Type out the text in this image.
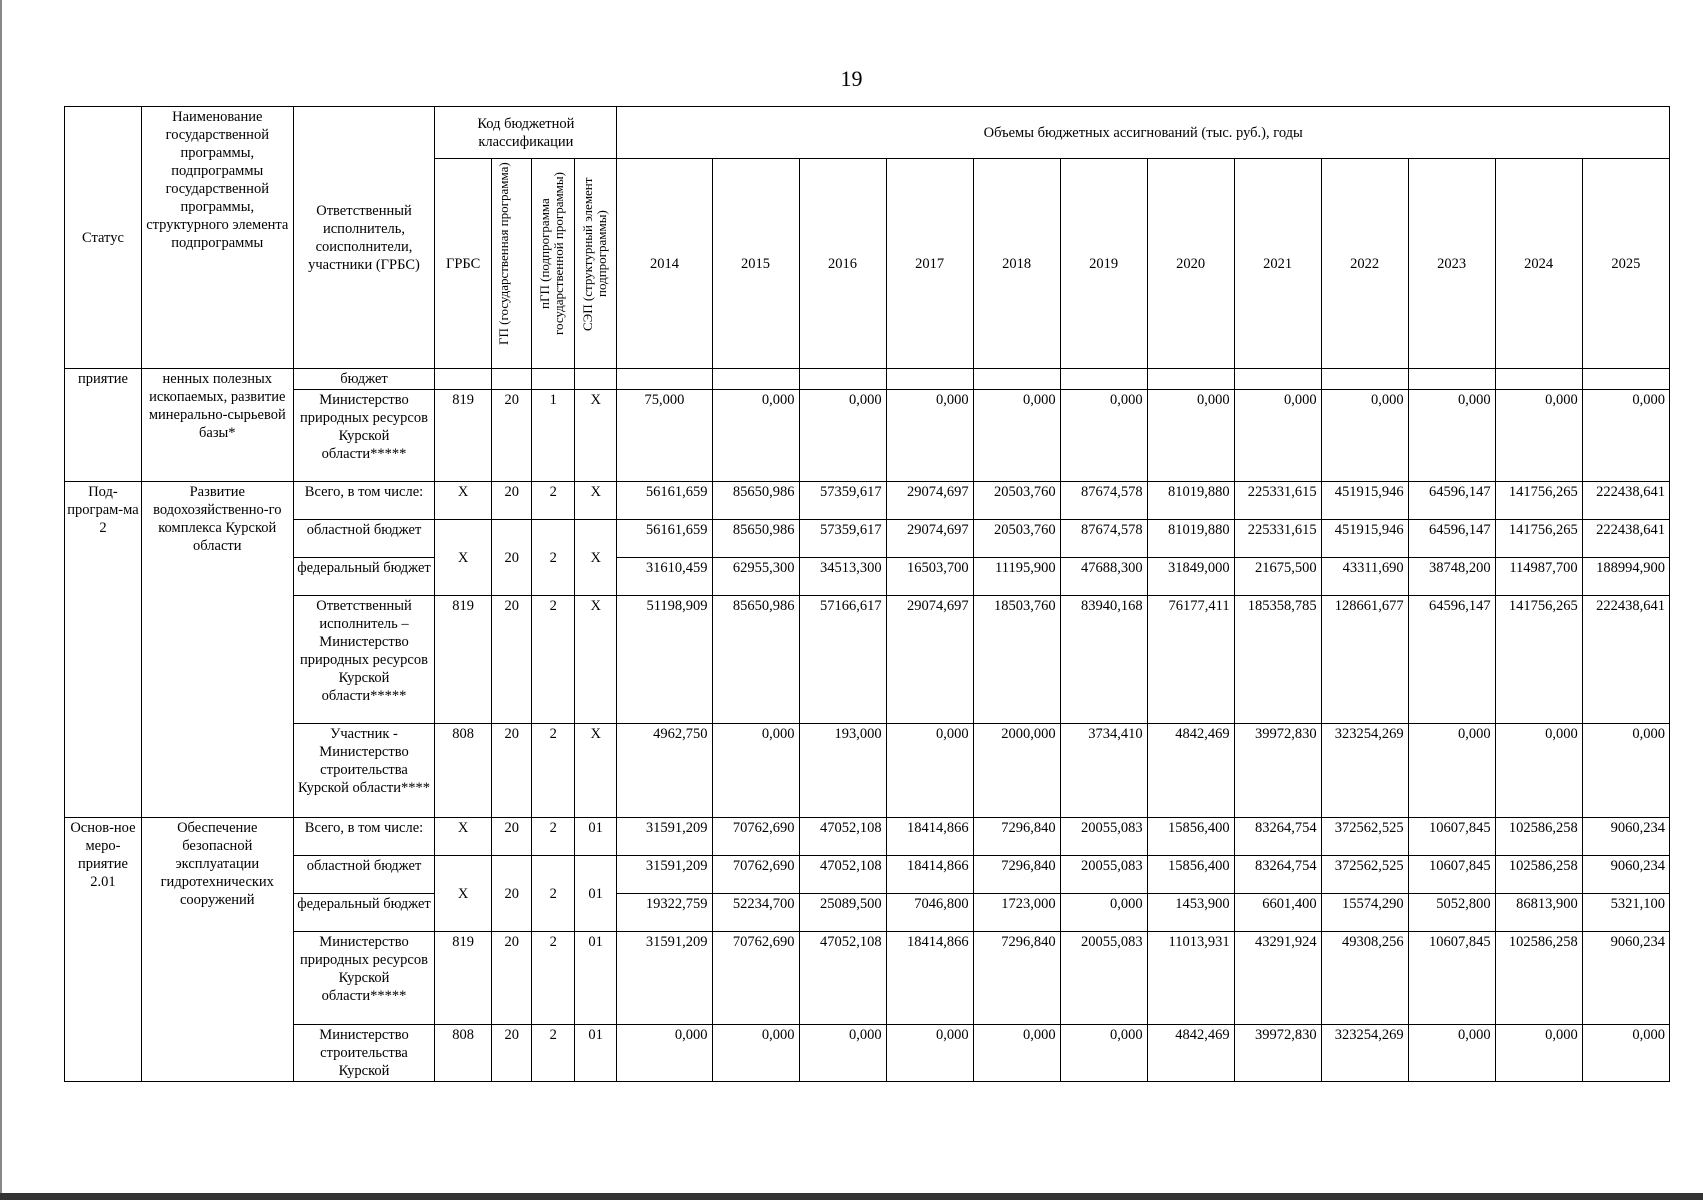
19
Статус	Наименование государственной программы, подпрограммы государственной программы, структурного элемента подпрограммы	Ответственный исполнитель, соисполнители, участники (ГРБС)	Код бюджетной классификации				Объемы бюджетных ассигнований (тыс. руб.), годы											
			ГРБС	ГП (государственная программа)	пГП (подпрограмма государственной программы)	СЭП (структурный элемент подпрограммы)	2014	2015	2016	2017	2018	2019	2020	2021	2022	2023	2024	2025
приятие	ненных полезных ископаемых, развитие минерально-сырьевой базы*	бюджет																
		Министерство природных ресурсов Курской области*****	819	20	1	X	75,000	0,000	0,000	0,000	0,000	0,000	0,000	0,000	0,000	0,000	0,000	0,000
Под-програм-ма 2	Развитие водохозяйственно-го комплекса Курской области	Всего, в том числе:	X	20	2	X	56161,659	85650,986	57359,617	29074,697	20503,760	87674,578	81019,880	225331,615	451915,946	64596,147	141756,265	222438,641
		областной бюджет	X	20	2	X	56161,659	85650,986	57359,617	29074,697	20503,760	87674,578	81019,880	225331,615	451915,946	64596,147	141756,265	222438,641
		федеральный бюджет					31610,459	62955,300	34513,300	16503,700	11195,900	47688,300	31849,000	21675,500	43311,690	38748,200	114987,700	188994,900
		Ответственный исполнитель – Министерство природных ресурсов Курской области*****	819	20	2	X	51198,909	85650,986	57166,617	29074,697	18503,760	83940,168	76177,411	185358,785	128661,677	64596,147	141756,265	222438,641
		Участник - Министерство строительства Курской области****	808	20	2	X	4962,750	0,000	193,000	0,000	2000,000	3734,410	4842,469	39972,830	323254,269	0,000	0,000	0,000
Основ-ное меро-приятие 2.01	Обеспечение безопасной эксплуатации гидротехнических сооружений	Всего, в том числе:	X	20	2	01	31591,209	70762,690	47052,108	18414,866	7296,840	20055,083	15856,400	83264,754	372562,525	10607,845	102586,258	9060,234
		областной бюджет	X	20	2	01	31591,209	70762,690	47052,108	18414,866	7296,840	20055,083	15856,400	83264,754	372562,525	10607,845	102586,258	9060,234
		федеральный бюджет					19322,759	52234,700	25089,500	7046,800	1723,000	0,000	1453,900	6601,400	15574,290	5052,800	86813,900	5321,100
		Министерство природных ресурсов Курской области*****	819	20	2	01	31591,209	70762,690	47052,108	18414,866	7296,840	20055,083	11013,931	43291,924	49308,256	10607,845	102586,258	9060,234
		Министерство строительства Курской	808	20	2	01	0,000	0,000	0,000	0,000	0,000	0,000	4842,469	39972,830	323254,269	0,000	0,000	0,000
